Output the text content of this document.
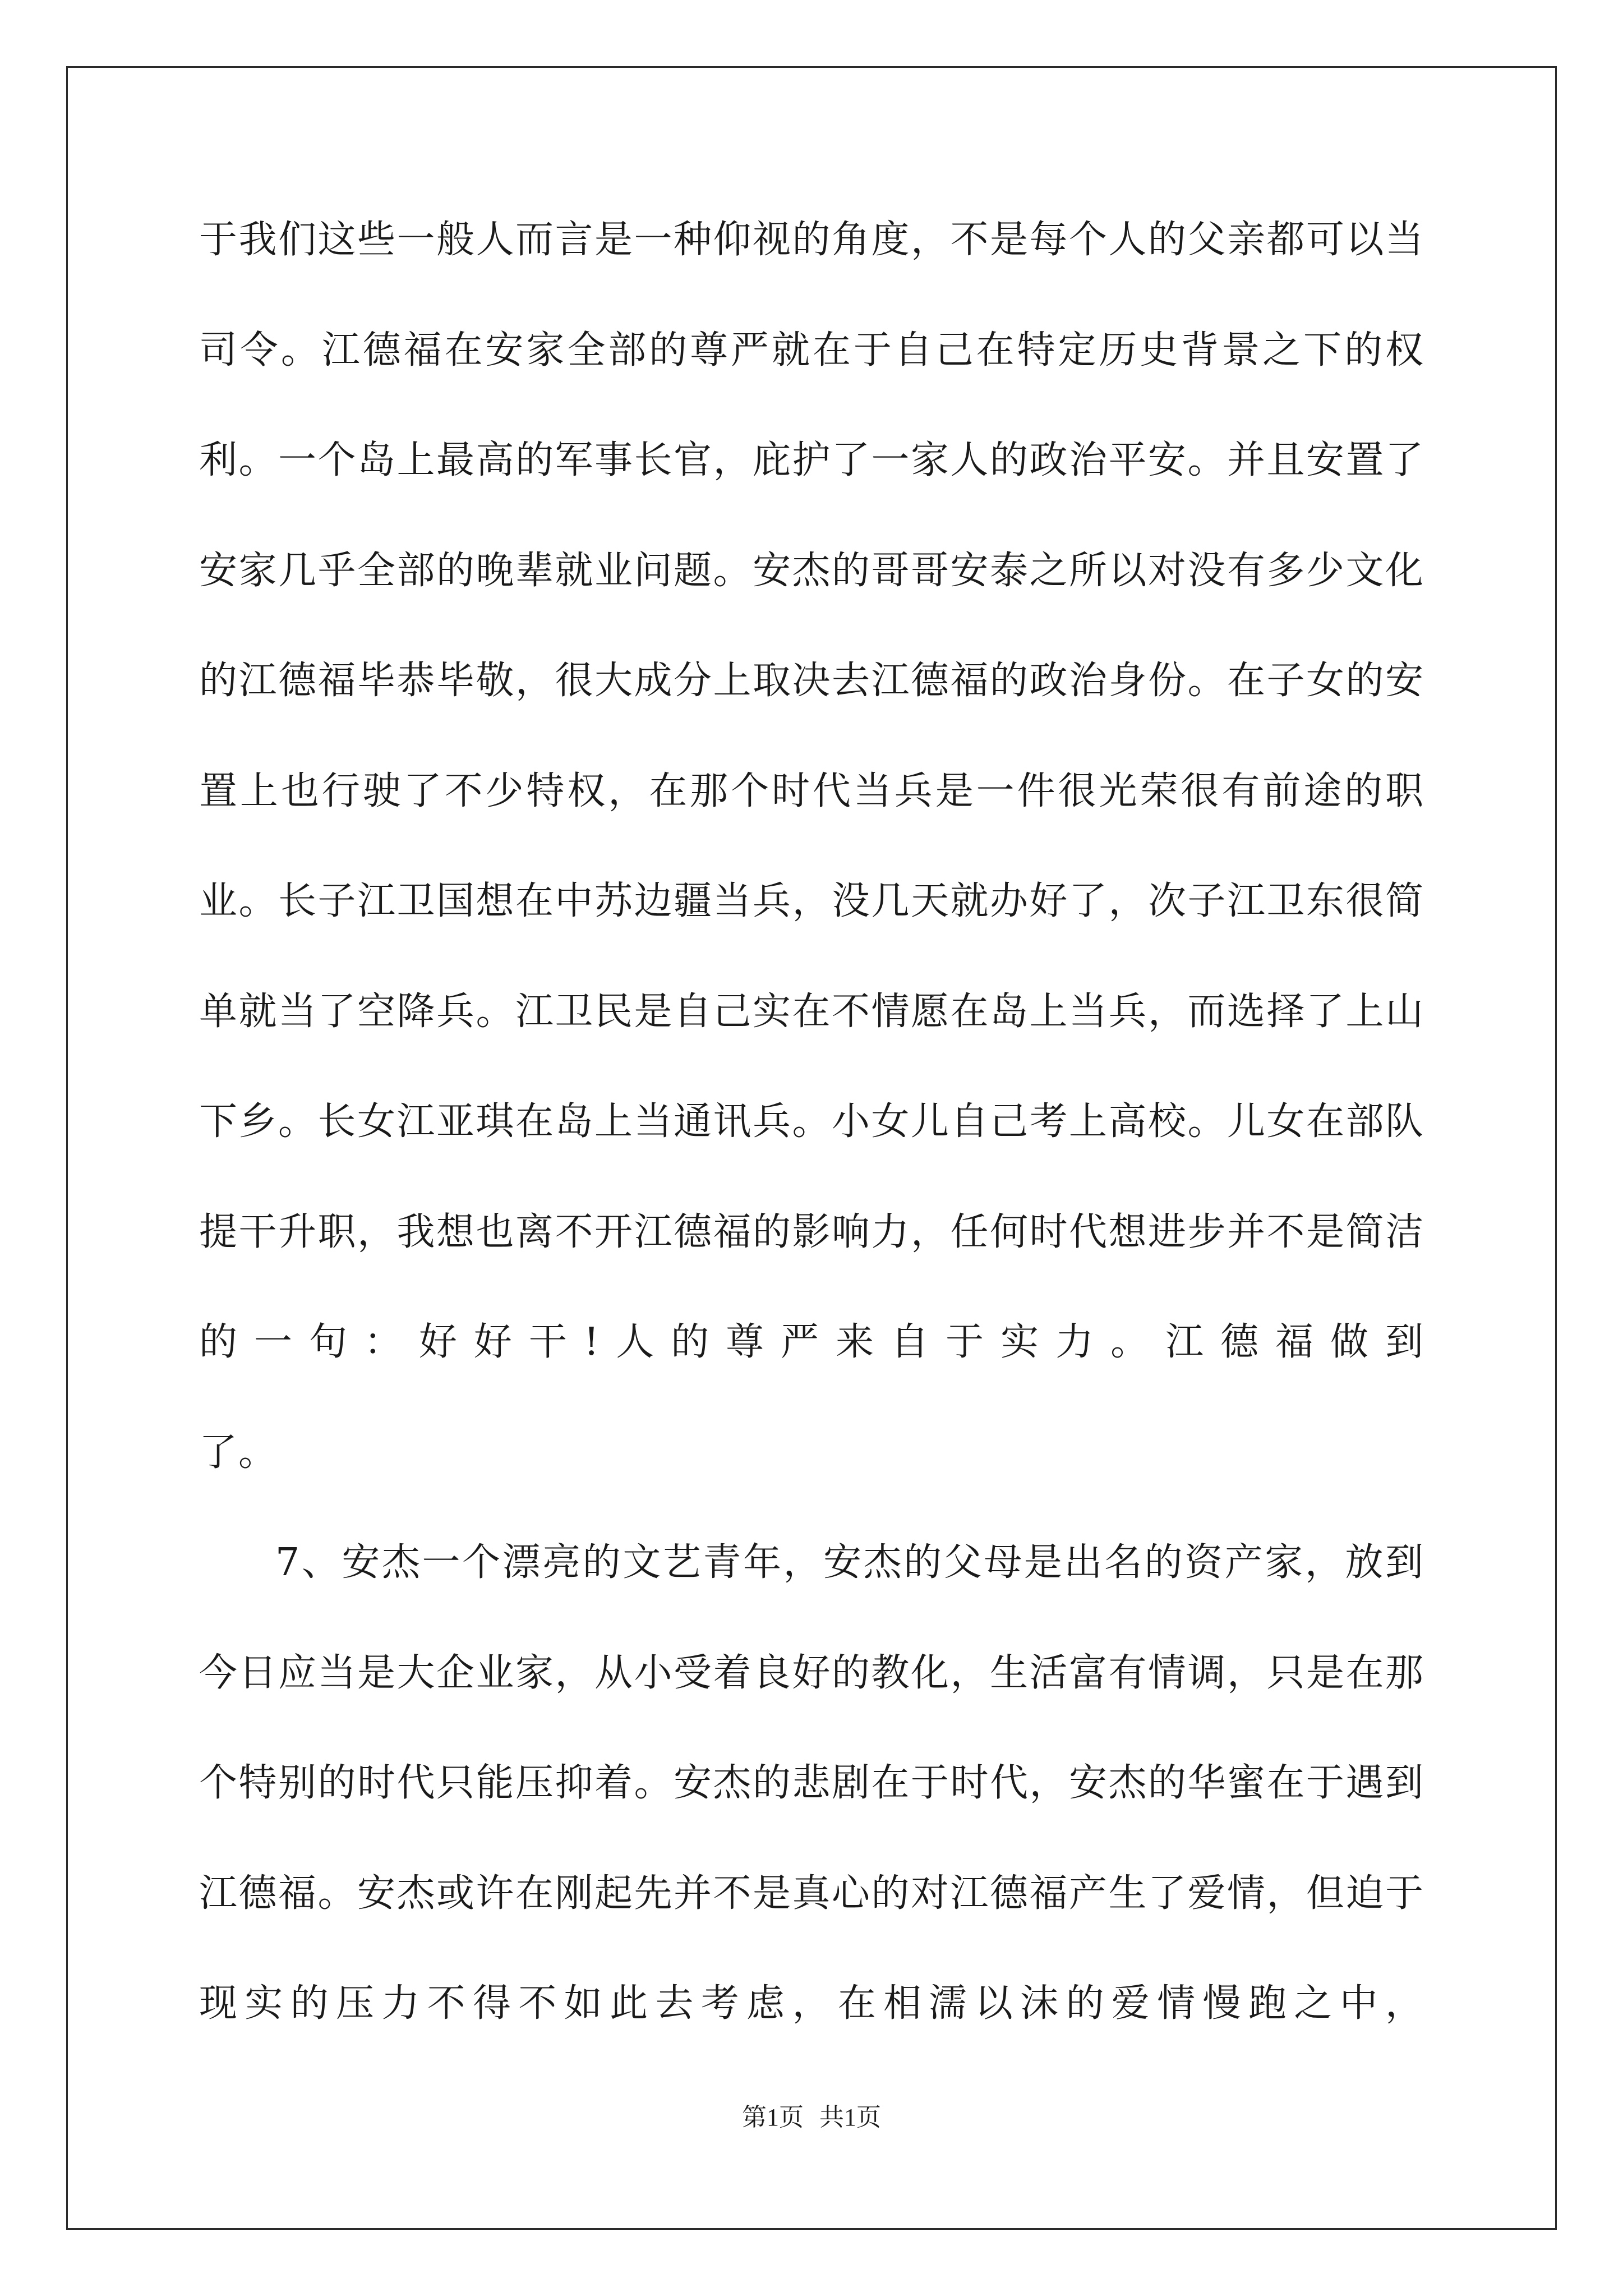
于我们这些一般人而言是一种仰视的角度，不是每个人的父亲都可以当司令。江德福在安家全部的尊严就在于自己在特定历史背景之下的权利。一个岛上最高的军事长官，庇护了一家人的政治平安。并且安置了安家几乎全部的晚辈就业问题。安杰的哥哥安泰之所以对没有多少文化的江德福毕恭毕敬，很大成分上取决去江德福的政治身份。在子女的安置上也行驶了不少特权，在那个时代当兵是一件很光荣很有前途的职业。长子江卫国想在中苏边疆当兵，没几天就办好了，次子江卫东很简单就当了空降兵。江卫民是自己实在不情愿在岛上当兵，而选择了上山下乡。长女江亚琪在岛上当通讯兵。小女儿自己考上高校。儿女在部队提干升职，我想也离不开江德福的影响力，任何时代想进步并不是简洁的一句：好好干!人的尊严来自于实力。江德福做到
了。

7、安杰一个漂亮的文艺青年，安杰的父母是出名的资产家，放到今日应当是大企业家，从小受着良好的教化，生活富有情调，只是在那个特别的时代只能压抑着。安杰的悲剧在于时代，安杰的华蜜在于遇到江德福。安杰或许在刚起先并不是真心的对江德福产生了爱情，但迫于现实的压力不得不如此去考虑，在相濡以沫的爱情慢跑之中，

第1页 共1页
